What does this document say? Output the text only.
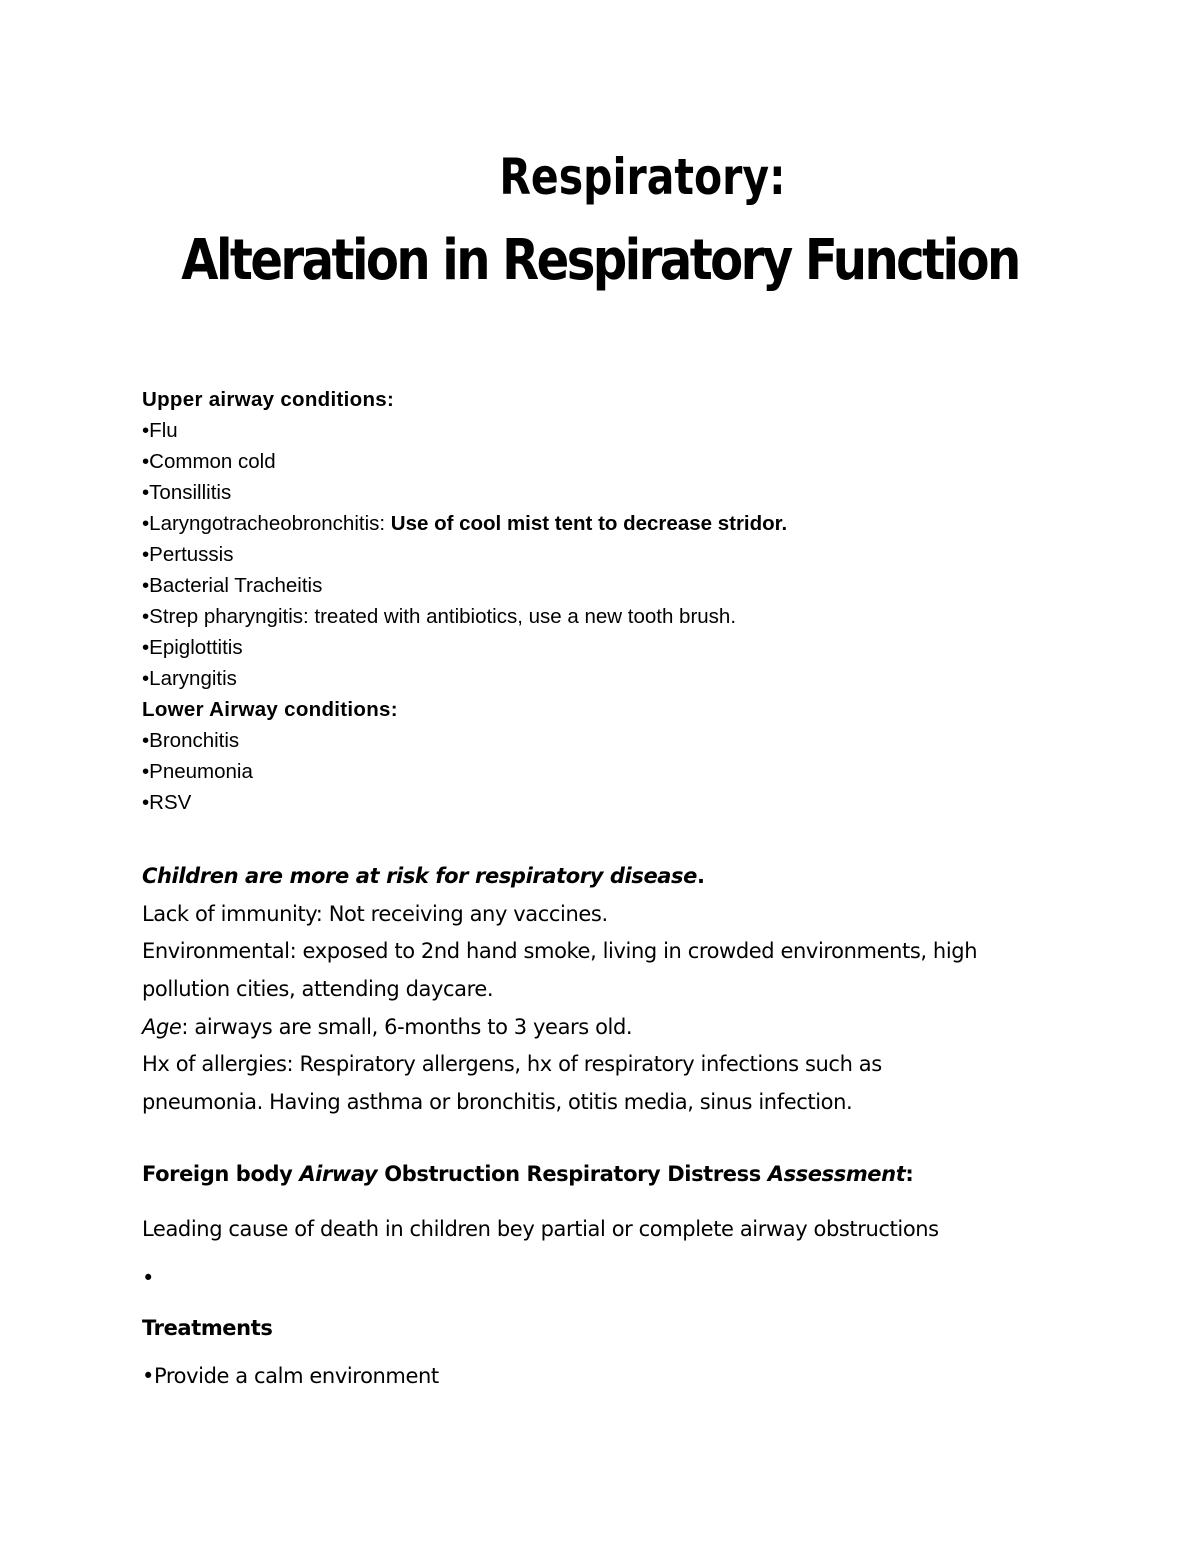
Respiratory:
Alteration in Respiratory Function
Upper airway conditions:
•Flu
•Common cold
•Tonsillitis
•Laryngotracheobronchitis: Use of cool mist tent to decrease stridor.
•Pertussis
•Bacterial Tracheitis
•Strep pharyngitis: treated with antibiotics, use a new tooth brush.
•Epiglottitis
•Laryngitis
Lower Airway conditions:
•Bronchitis
•Pneumonia
•RSV
Children are more at risk for respiratory disease.
Lack of immunity: Not receiving any vaccines.
Environmental: exposed to 2nd hand smoke, living in crowded environments, high
pollution cities, attending daycare.
Age: airways are small, 6-months to 3 years old.
Hx of allergies: Respiratory allergens, hx of respiratory infections such as
pneumonia. Having asthma or bronchitis, otitis media, sinus infection.
Foreign body Airway Obstruction Respiratory Distress Assessment:
Leading cause of death in children bey partial or complete airway obstructions
•
Treatments
•Provide a calm environment
